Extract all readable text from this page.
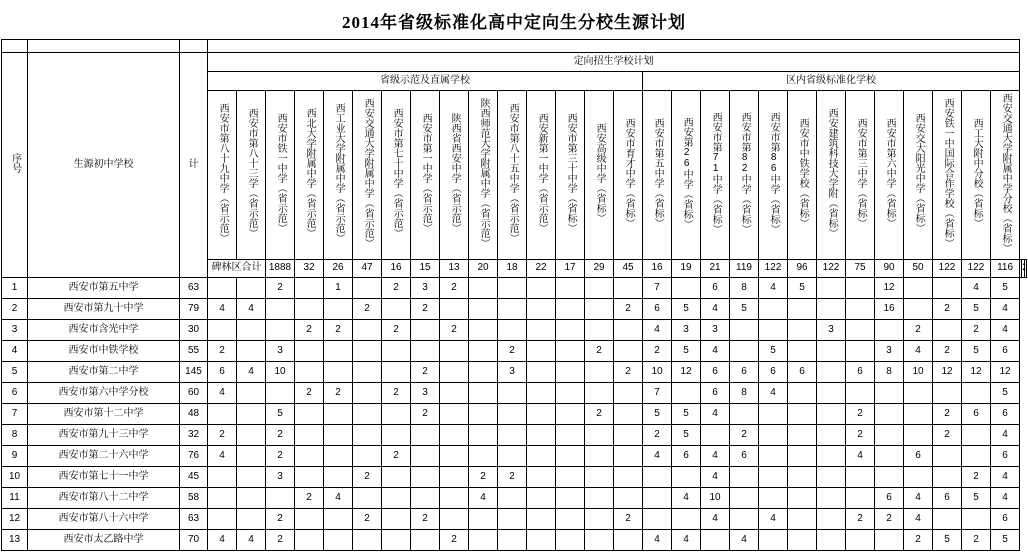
2014年省级标准化高中定向生分校生源计划

序号	生源初中学校	计	定向招生学校计划																														
			省级示范及直属学校															区内省级标准化学校															
			西安市第八十九中学（省示范）	西安市第八十三学（省示范）	西安市铁一中学（省示范）	西北大学附属中学（省示范）	西工业大学附属中学（省示范）	西安交通大学附属中学（省示范）	西安市第七十中学（省示范）	西安市第一中学（省示范）	陕西省西安中学（省示范）	陕西师范大学附属中学（省示范）	西安市第八十五中学（省示范）	西安新第一中学（省示范）	西安市第三十中学（省标）	西安高级中学（省标）	西安市育才中学（省标）	西安市第五中学（省标）	西安第26中学（省标）	西安市第71中学（省标）	西安市第82中学（省标）	西安市第86中学（省标）	西安市中铁学校（省标）	西安建筑科技大学附（省标）	西安市第三中学（省标）	西安市第六中学（省标）	西安交大阳光中学（省标）	西安铁一中国际合作学校（省标）	西工大附中分校（省标）	西安交通大学附属中学分校（省标）			
			碑林区合计		1888	32	26	47	16	15	13	20	18	22	17	29	45	16	19	21	119	122	96	122	75	90	50	122	122	116			
1	西安市第五中学	63			2		1		2	3	2							7		6	8	4	5			12			4	5			
2	西安市第九十中学	79	4	4				2		2							2	6	5	4	5					16		2	5	4			
3	西安市含光中学	30				2	2		2		2							4	3	3				3			2		2	4			
4	西安市中铁学校	55	2		3								2			2		2	5	4		5				3	4	2	5	6			
5	西安市第二中学	145	6	4	10					2			3				2	10	12	6	6	6	6		6	8	10	12	12	12			
6	西安市第六中学分校	60	4			2	2		2	3								7		6	8	4								5			
7	西安市第十二中学	48			5					2						2		5	5	4					2			2	6	6			
8	西安市第九十三中学	32	2		2													2	5		2				2			2		4			
9	西安市第二十六中学	76	4		2				2									4	6	4	6				4		6			6			
10	西安市第七十一中学	45			3			2				2	2							4									2	4			
11	西安市第八十二中学	58				2	4					4							4	10						6	4	6	5	4			
12	西安市第八十六中学	63			2			2		2							2			4		4			2	2	4			6			
13	西安市太乙路中学	70	4	4	2						2							4	4		4						2	5	2	5			
